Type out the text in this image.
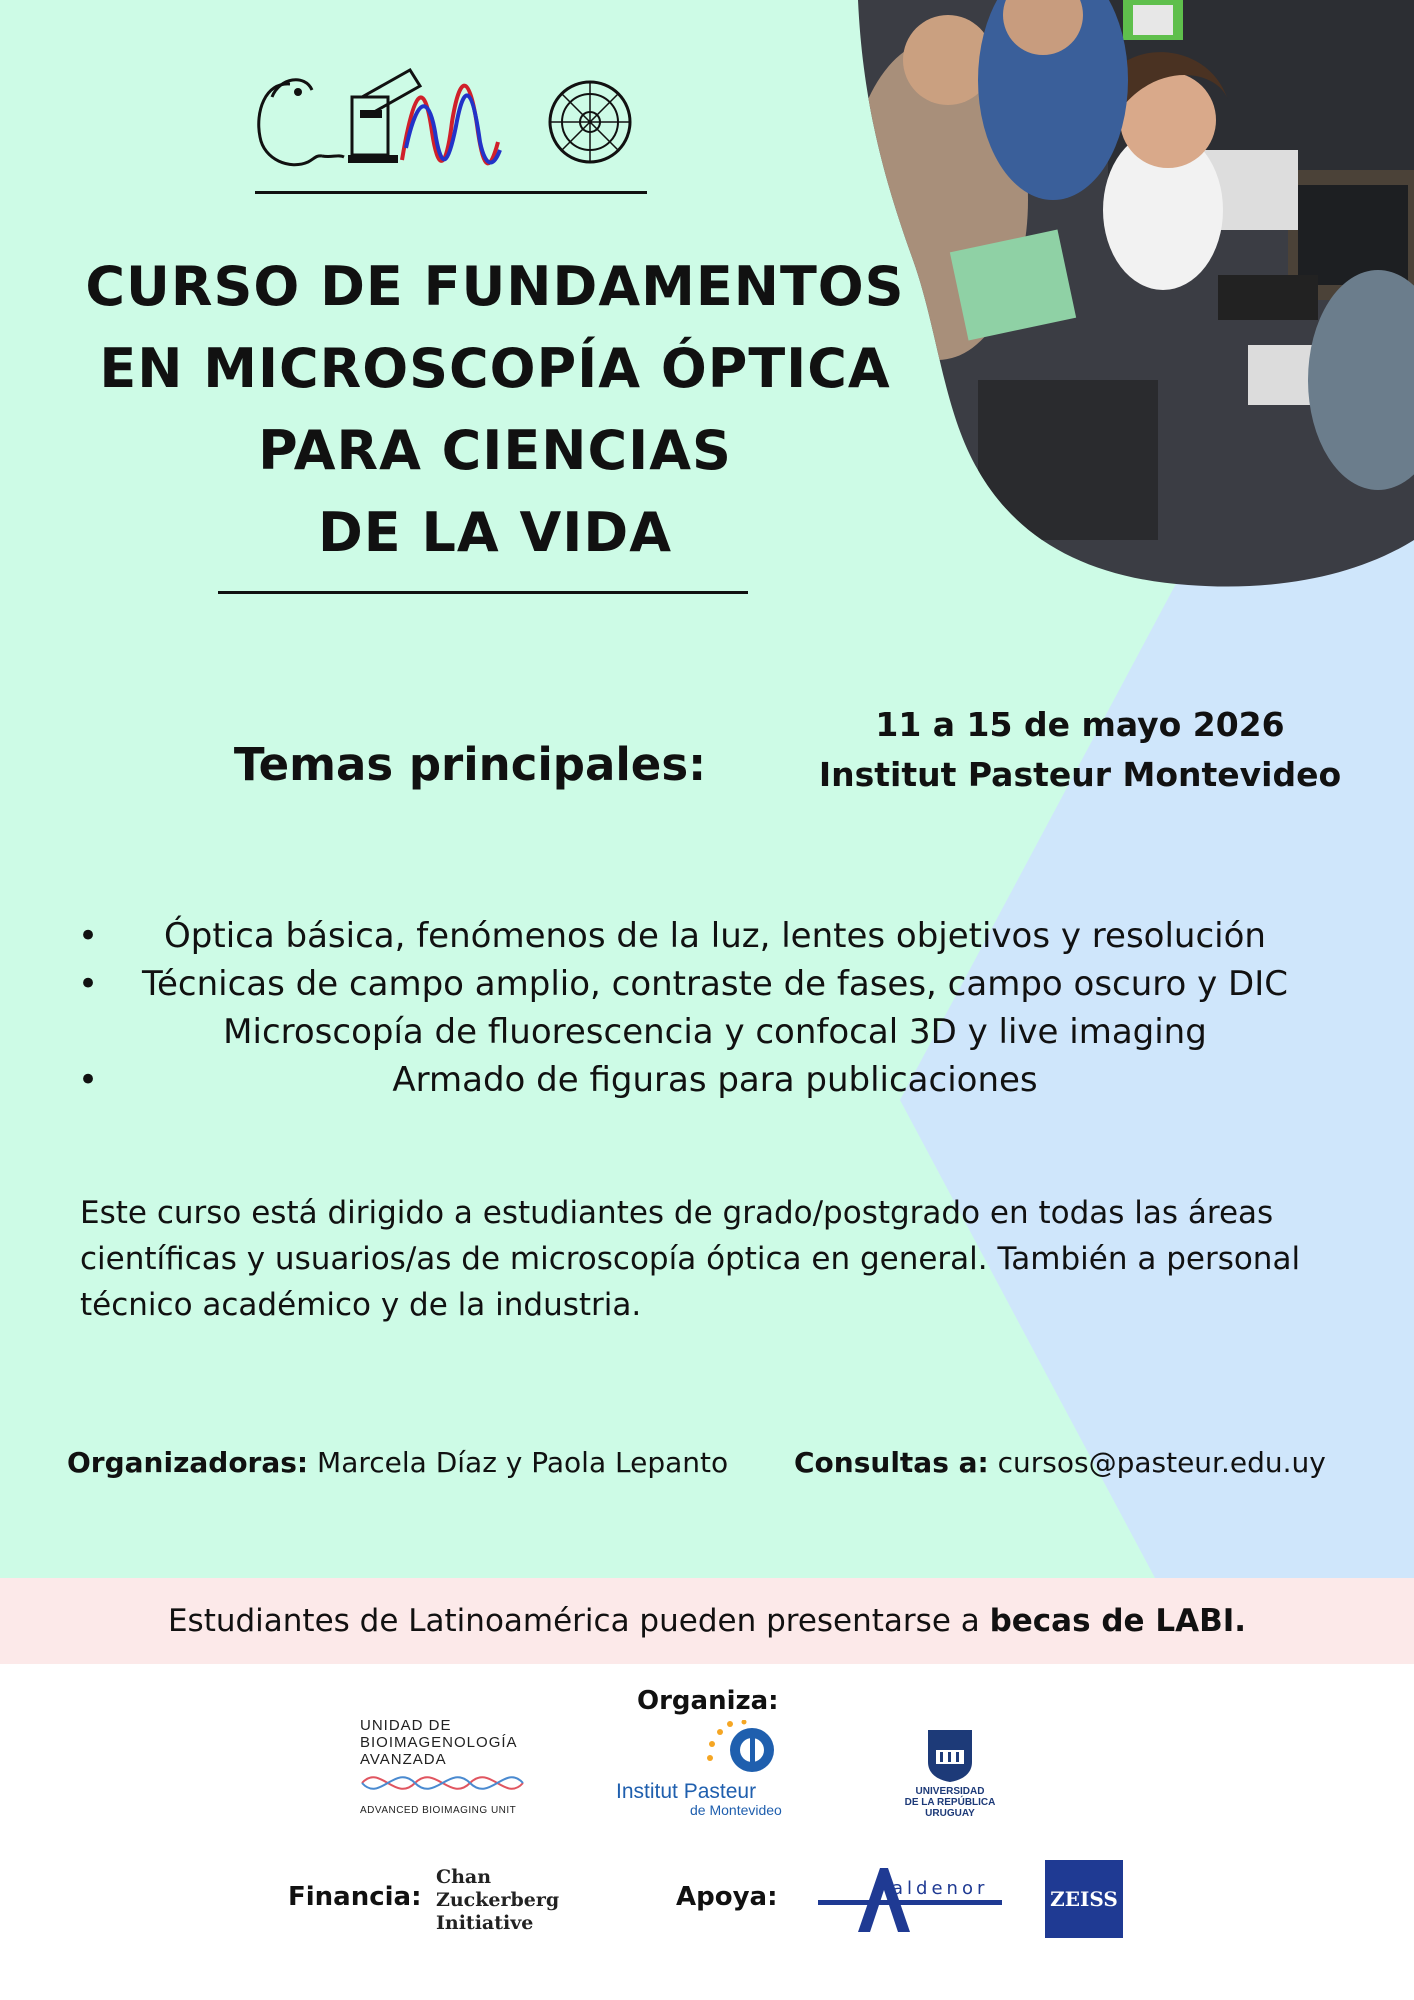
CURSO DE FUNDAMENTOS
EN MICROSCOPÍA ÓPTICA
PARA CIENCIAS
DE LA VIDA
11 a 15 de mayo 2026
Institut Pasteur Montevideo
Temas principales:
• Óptica básica, fenómenos de la luz, lentes objetivos y resolución
• Técnicas de campo amplio, contraste de fases, campo oscuro y DIC
Microscopía de fluorescencia y confocal 3D y live imaging
•	Armado de figuras para publicaciones

Este curso está dirigido a estudiantes de grado/postgrado en todas las áreas científicas y usuarios/as de microscopía óptica en general. También a personal técnico académico y de la industria.

Organizadoras: Marcela Díaz y Paola Lepanto Consultas a: cursos@pasteur.edu.uy
Estudiantes de Latinoamérica pueden presentarse a becas de LABI.
Organiza:
UNIDAD DE
BIOIMAGENOLOGÍA
AVANZADA
ADVANCED BIOIMAGING UNIT
Institut Pasteur
de Montevideo
UNIVERSIDAD
DE LA REPÚBLICA
URUGUAY
Financia:
Chan
Zuckerberg
Initiative
Apoya:	aldenor	ZEISS
